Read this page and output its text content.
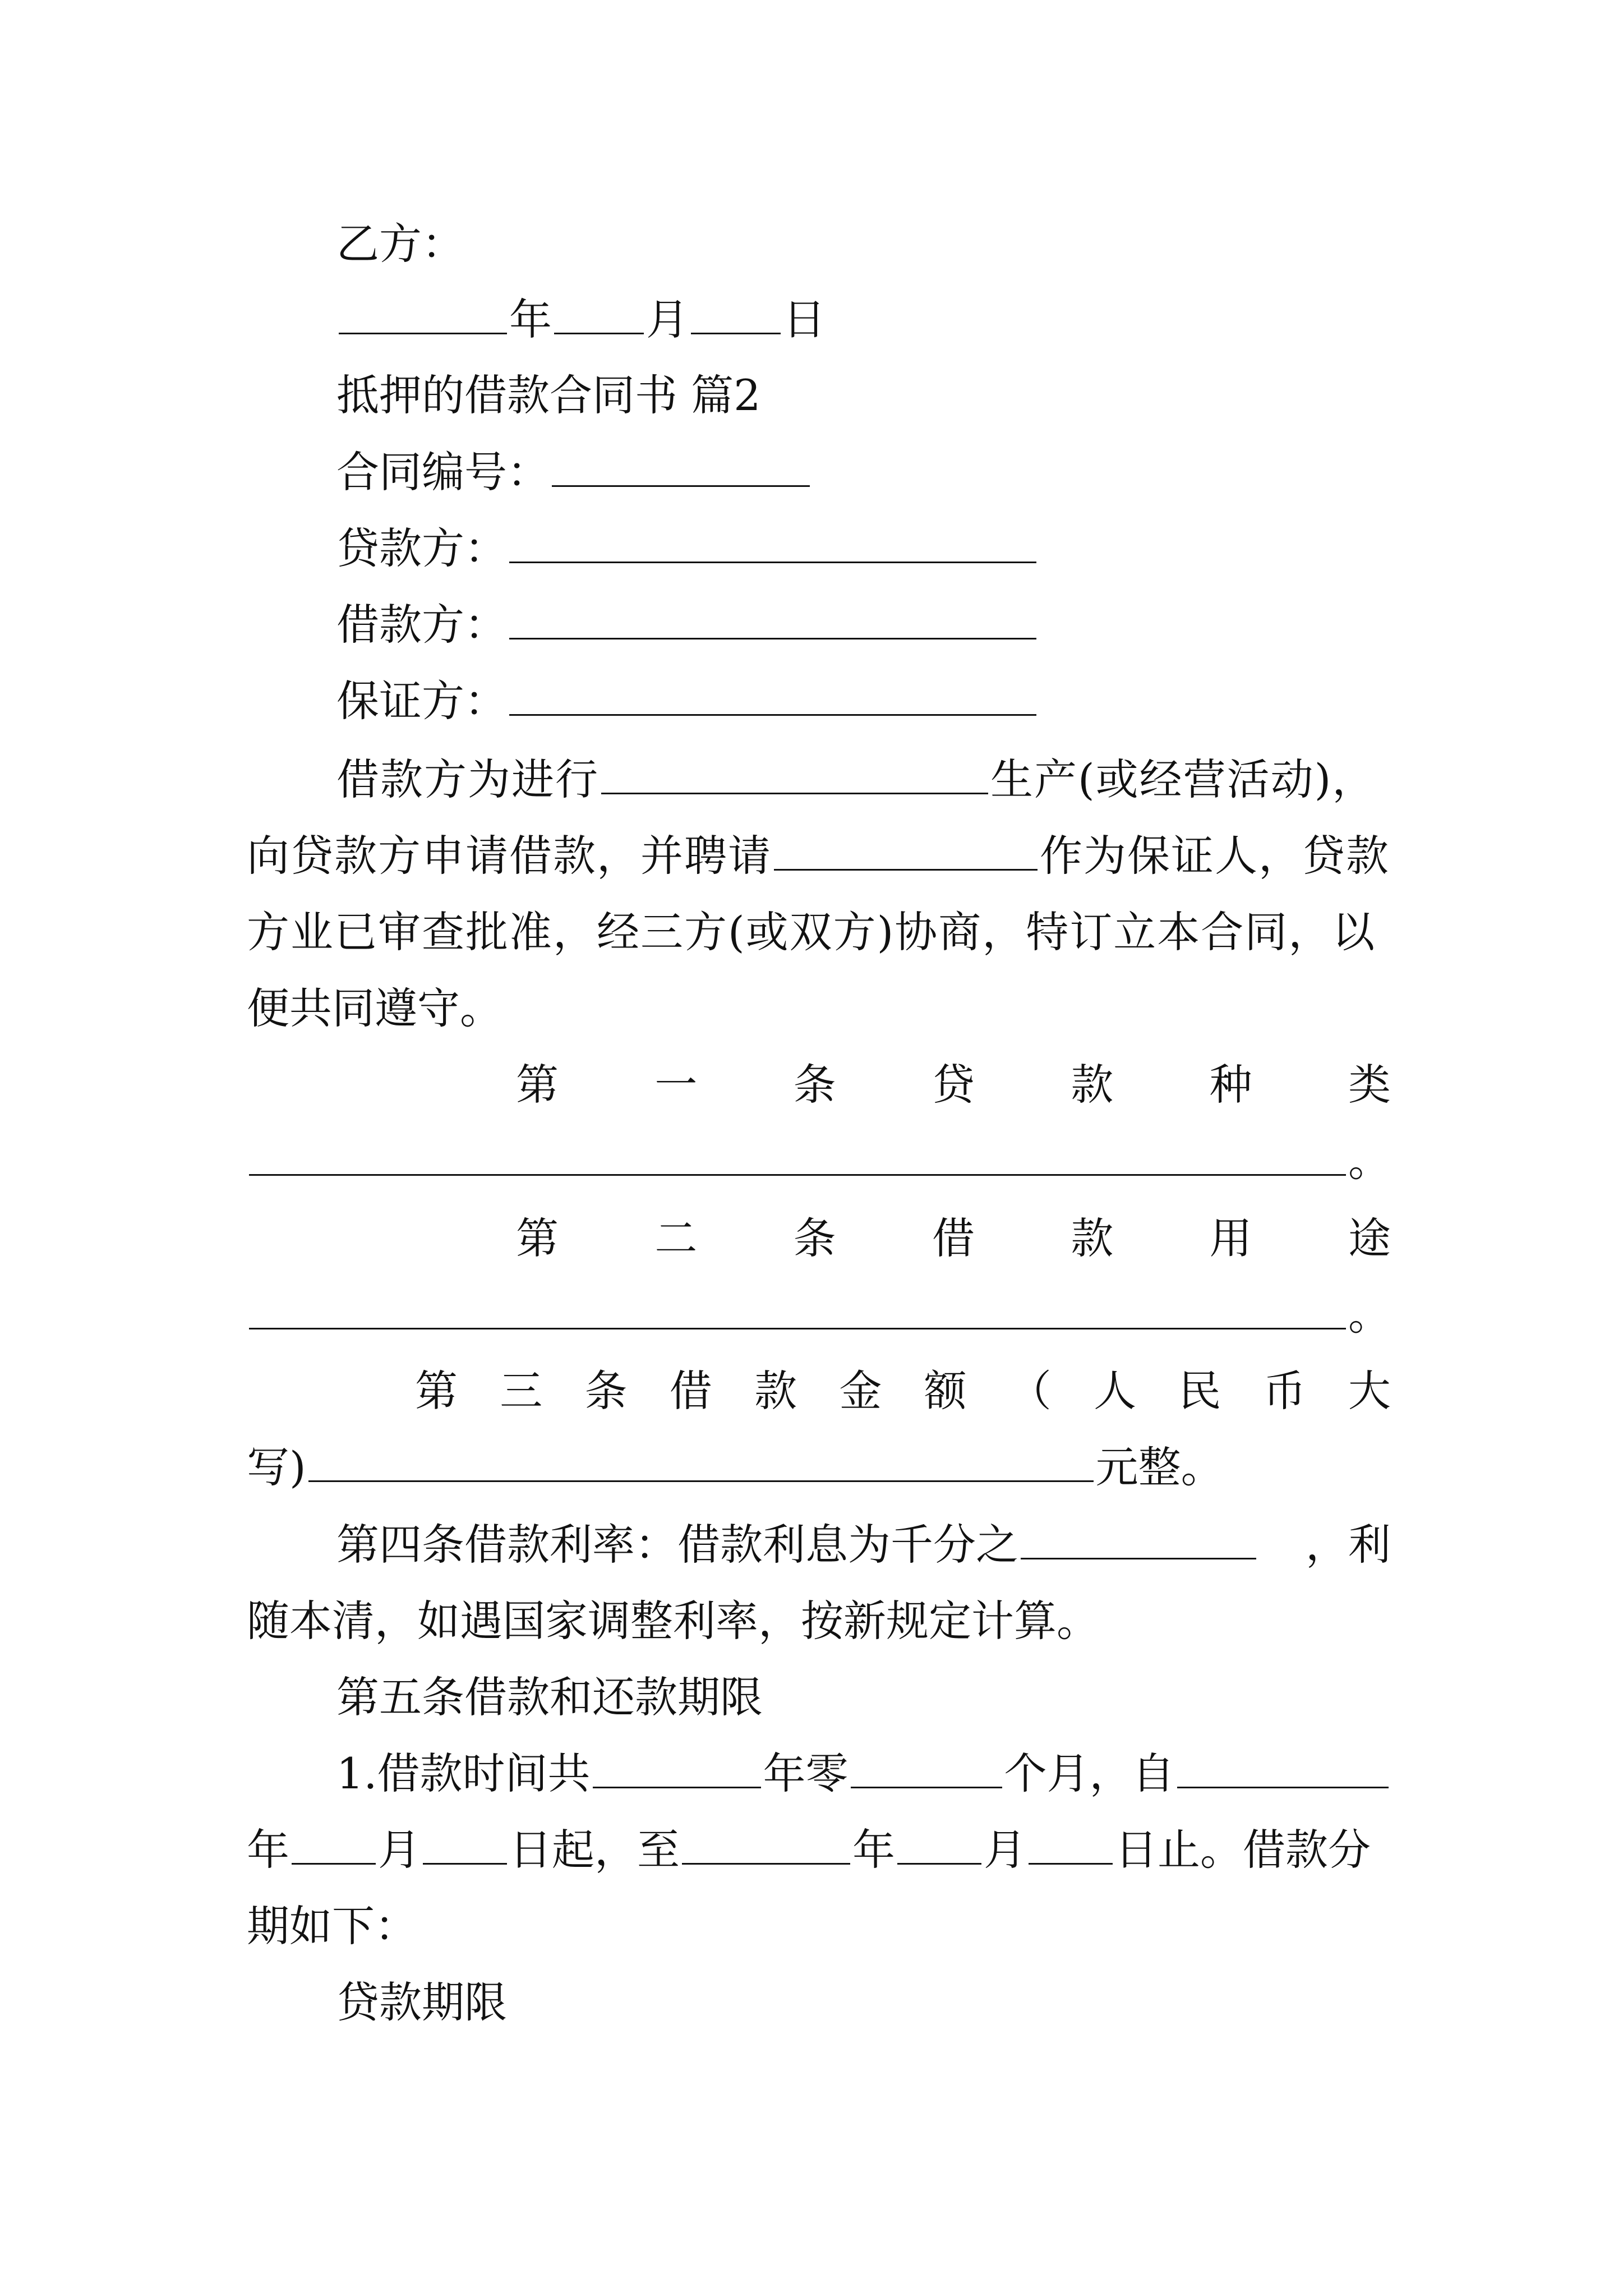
乙方：
年 月 日
抵押的借款合同书 篇2
合同编号：
贷款方：
借款方：
保证方：
借款方为进行	生产(或经营活动)，
向贷款方申请借款，并聘请	作为保证人，贷款
方业已审查批准，经三方(或双方)协商，特订立本合同，以
便共同遵守。
第 一 条 贷 款 种 类
。
第 二 条 借 款 用 途
。
第 三 条 借 款 金 额 （ 人 民 币 大
写)	元整。
第四条借款利率：借款利息为千分之	，利
随本清，如遇国家调整利率，按新规定计算。
第五条借款和还款期限
1.借款时间共	年零	个月，自
年 月 日起，至	年 月 日止。借款分
期如下：
贷款期限
